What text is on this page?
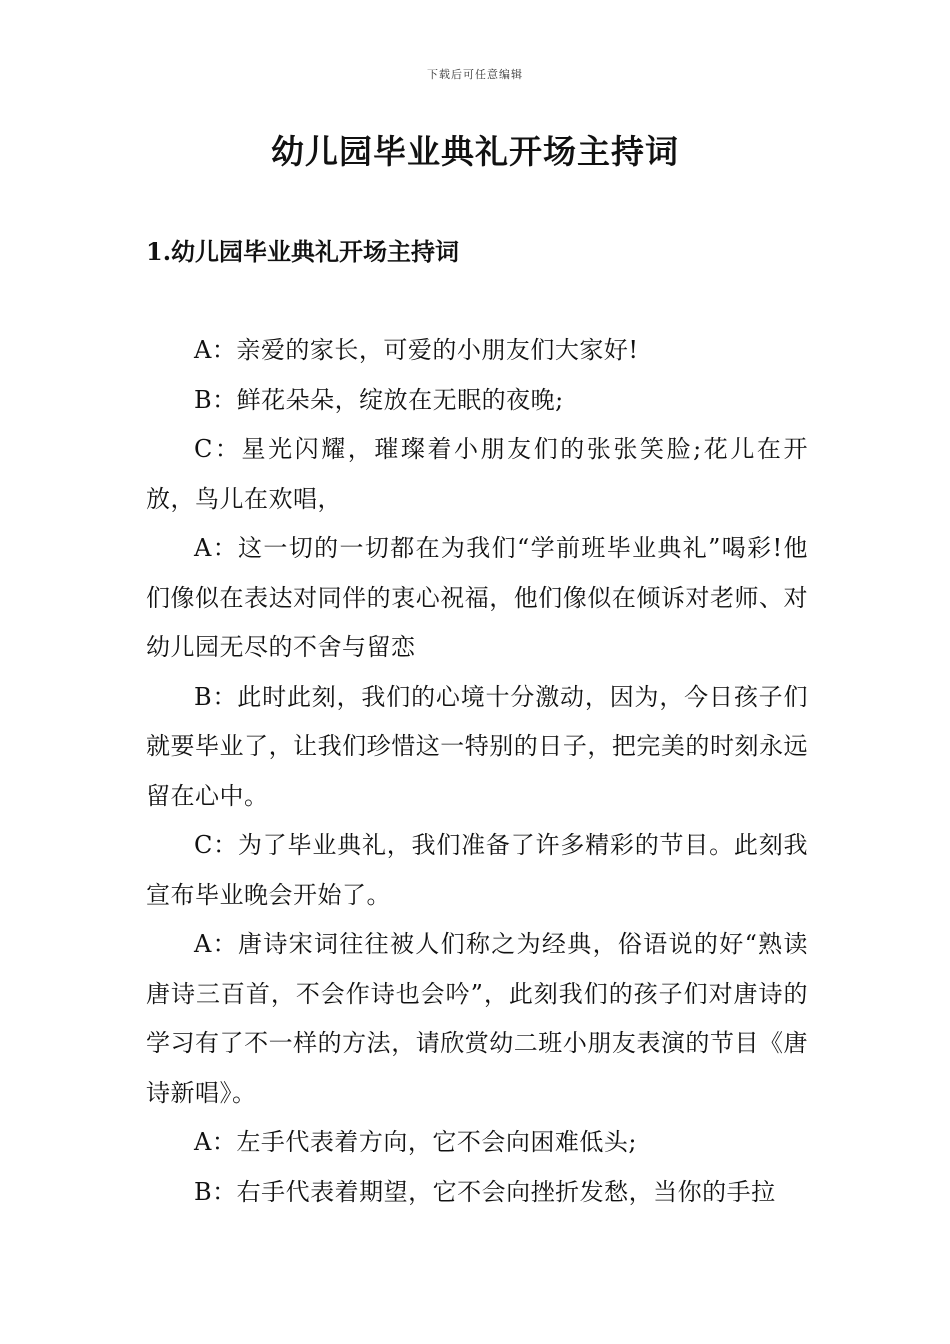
下载后可任意编辑
幼儿园毕业典礼开场主持词
1.幼儿园毕业典礼开场主持词

A：亲爱的家长，可爱的小朋友们大家好!

B：鲜花朵朵，绽放在无眠的夜晚;

C：星光闪耀，璀璨着小朋友们的张张笑脸;花儿在开放，鸟儿在欢唱，

A：这一切的一切都在为我们“学前班毕业典礼”喝彩!他们像似在表达对同伴的衷心祝福，他们像似在倾诉对老师、对幼儿园无尽的不舍与留恋

B：此时此刻，我们的心境十分激动，因为，今日孩子们就要毕业了，让我们珍惜这一特别的日子，把完美的时刻永远留在心中。

C：为了毕业典礼，我们准备了许多精彩的节目。此刻我宣布毕业晚会开始了。

A：唐诗宋词往往被人们称之为经典，俗语说的好“熟读唐诗三百首，不会作诗也会吟”，此刻我们的孩子们对唐诗的学习有了不一样的方法，请欣赏幼二班小朋友表演的节目《唐诗新唱》。

A：左手代表着方向，它不会向困难低头;

B：右手代表着期望，它不会向挫折发愁，当你的手拉
